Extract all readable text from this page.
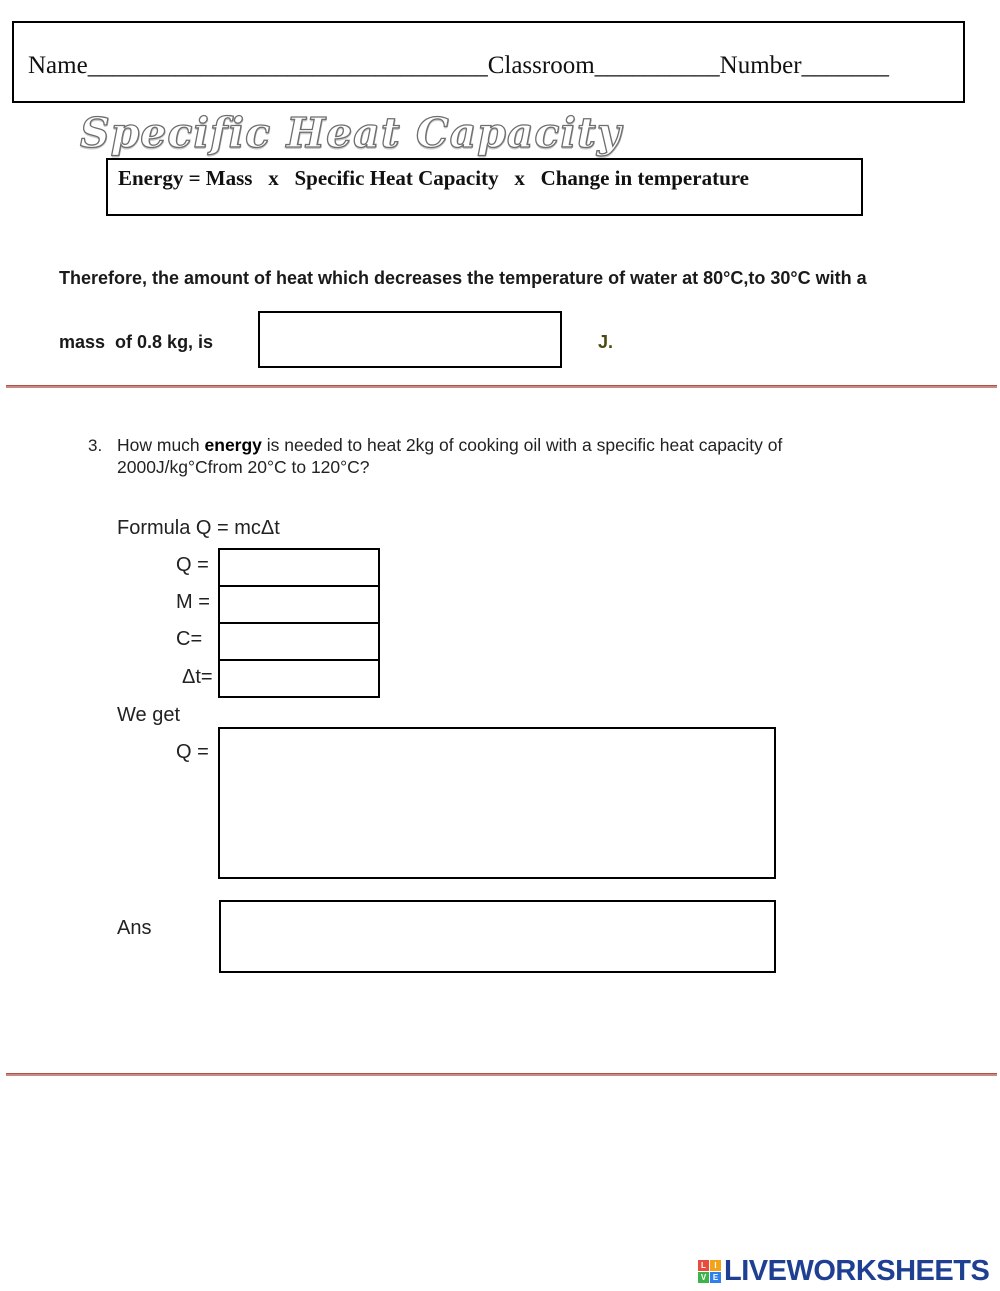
Name________________________________Classroom__________Number_______
Specific Heat Capacity
Energy = Mass   x   Specific Heat Capacity   x   Change in temperature
Therefore, the amount of heat which decreases the temperature of water at 80°C,to 30°C with a
mass  of 0.8 kg, is	J.
3. How much energy is needed to heat 2kg of cooking oil with a specific heat capacity of 2000J/kg°Cfrom 20°C to 120°C?
Formula Q = mcΔt
Q =
M =
C=
Δt=
We get
Q =
Ans
L	I
V E LIVEWORKSHEETS
